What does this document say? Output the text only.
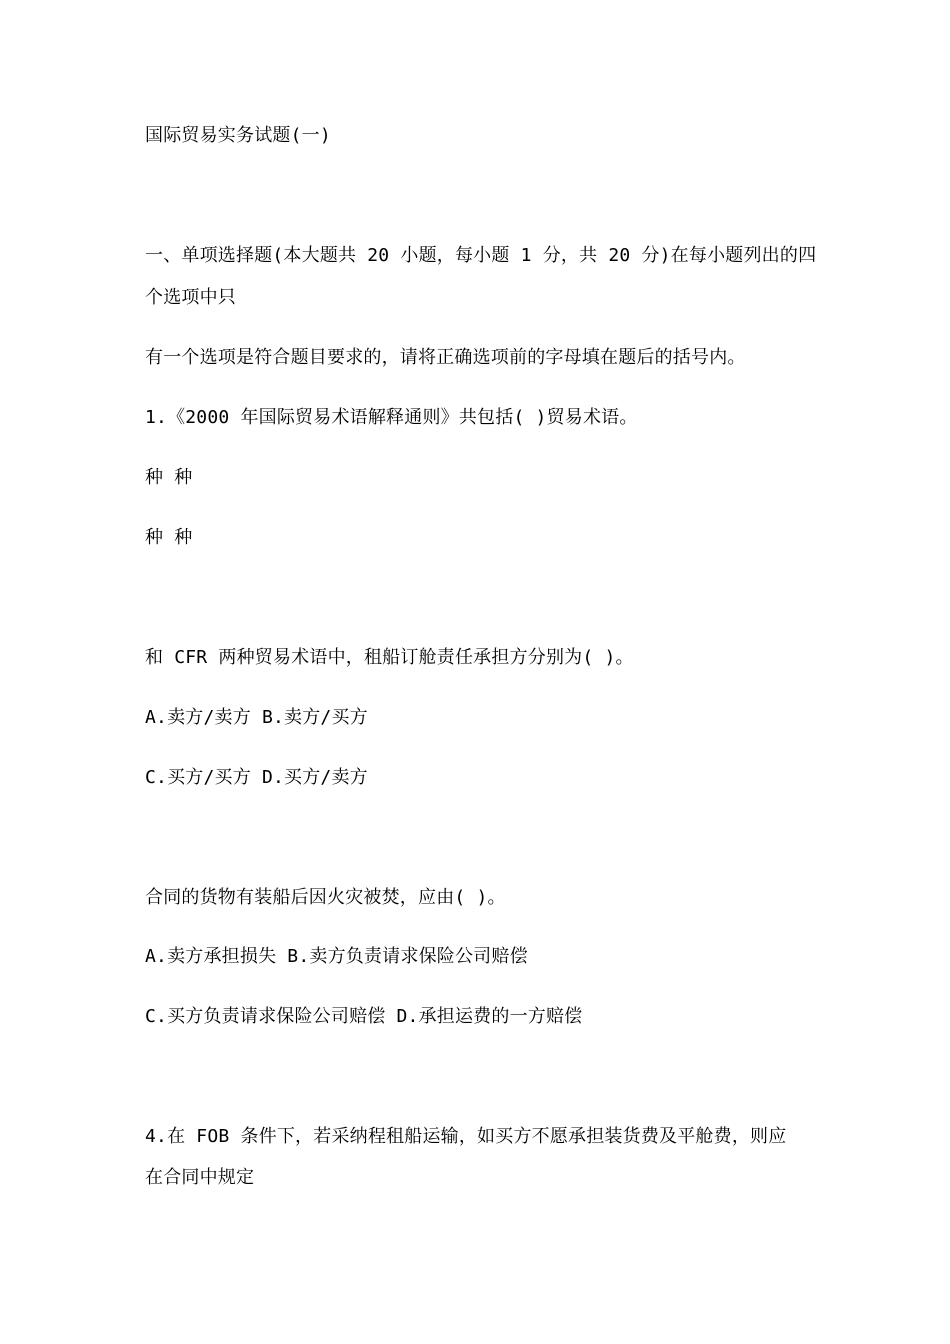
国际贸易实务试题(一)
一、单项选择题(本大题共 20 小题，每小题 1 分，共 20 分)在每小题列出的四
个选项中只
有一个选项是符合题目要求的，请将正确选项前的字母填在题后的括号内。
1.《2000 年国际贸易术语解释通则》共包括( )贸易术语。
种 种
种 种
和 CFR 两种贸易术语中，租船订舱责任承担方分别为( )。
A.卖方/卖方 B.卖方/买方
C.买方/买方 D.买方/卖方
合同的货物有装船后因火灾被焚，应由( )。
A.卖方承担损失 B.卖方负责请求保险公司赔偿
C.买方负责请求保险公司赔偿 D.承担运费的一方赔偿
4.在 FOB 条件下，若采纳程租船运输，如买方不愿承担装货费及平舱费，则应
在合同中规定
